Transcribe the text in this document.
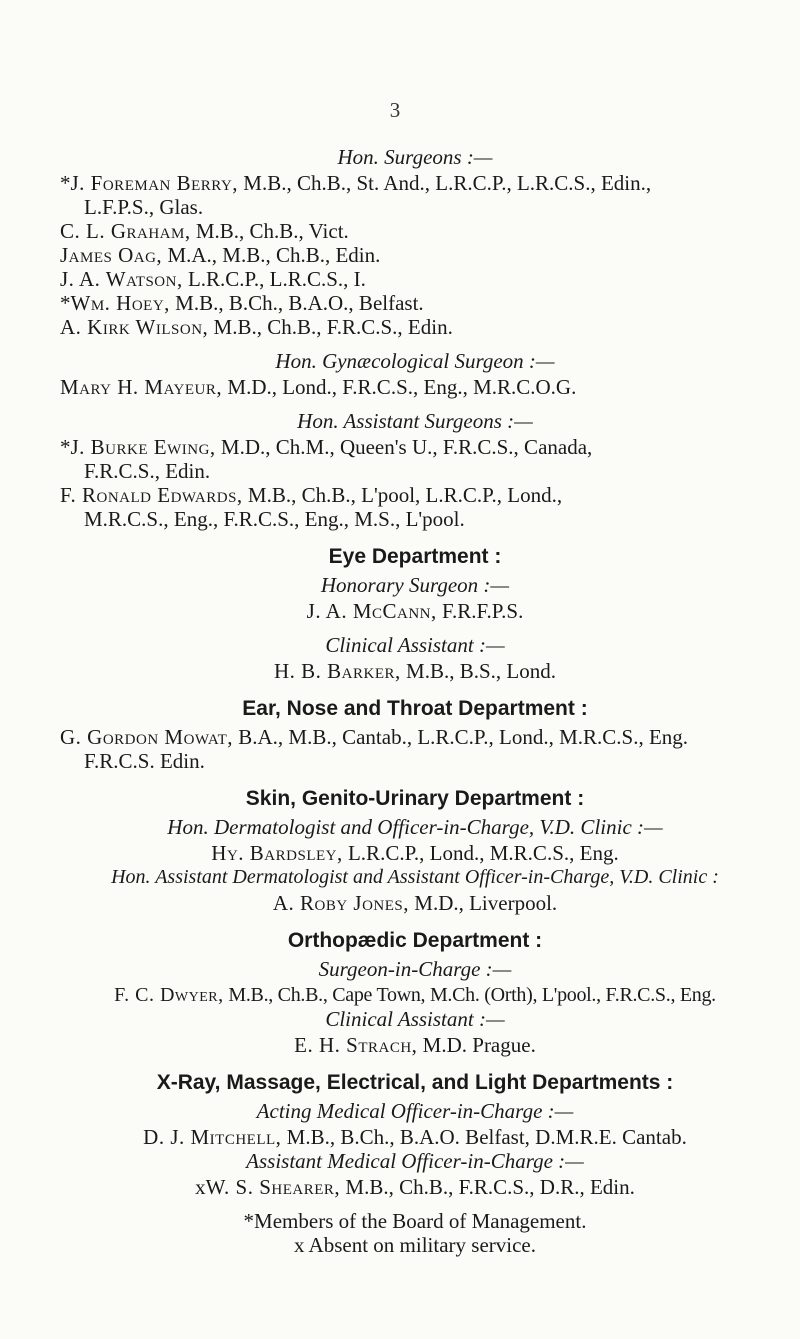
3

Hon. Surgeons :—

*J. Foreman Berry, M.B., Ch.B., St. And., L.R.C.P., L.R.C.S., Edin.,
L.F.P.S., Glas.
C. L. Graham, M.B., Ch.B., Vict.
James Oag, M.A., M.B., Ch.B., Edin.
J. A. Watson, L.R.C.P., L.R.C.S., I.
*Wm. Hoey, M.B., B.Ch., B.A.O., Belfast.
A. Kirk Wilson, M.B., Ch.B., F.R.C.S., Edin.

Hon. Gynæcological Surgeon :—

Mary H. Mayeur, M.D., Lond., F.R.C.S., Eng., M.R.C.O.G.

Hon. Assistant Surgeons :—

*J. Burke Ewing, M.D., Ch.M., Queen's U., F.R.C.S., Canada,
F.R.C.S., Edin.
F. Ronald Edwards, M.B., Ch.B., L'pool, L.R.C.P., Lond.,
M.R.C.S., Eng., F.R.C.S., Eng., M.S., L'pool.

Eye Department :

Honorary Surgeon :—

J. A. McCann, F.R.F.P.S.

Clinical Assistant :—

H. B. Barker, M.B., B.S., Lond.

Ear, Nose and Throat Department :

G. Gordon Mowat, B.A., M.B., Cantab., L.R.C.P., Lond., M.R.C.S., Eng.
F.R.C.S. Edin.

Skin, Genito-Urinary Department :

Hon. Dermatologist and Officer-in-Charge, V.D. Clinic :—

Hy. Bardsley, L.R.C.P., Lond., M.R.C.S., Eng.

Hon. Assistant Dermatologist and Assistant Officer-in-Charge, V.D. Clinic :

A. Roby Jones, M.D., Liverpool.

Orthopædic Department :

Surgeon-in-Charge :—

F. C. Dwyer, M.B., Ch.B., Cape Town, M.Ch. (Orth), L'pool., F.R.C.S., Eng.

Clinical Assistant :—

E. H. Strach, M.D. Prague.

X-Ray, Massage, Electrical, and Light Departments :

Acting Medical Officer-in-Charge :—

D. J. Mitchell, M.B., B.Ch., B.A.O. Belfast, D.M.R.E. Cantab.

Assistant Medical Officer-in-Charge :—

xW. S. Shearer, M.B., Ch.B., F.R.C.S., D.R., Edin.

*Members of the Board of Management.

x Absent on military service.
